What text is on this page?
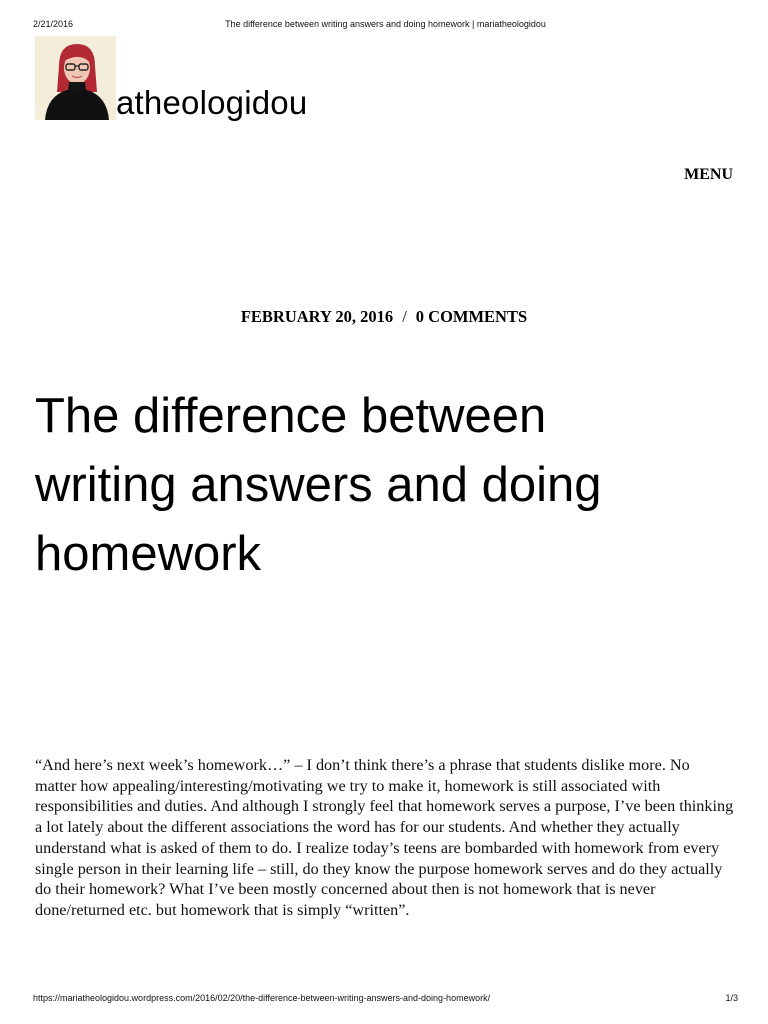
2/21/2016	The difference between writing answers and doing homework | mariatheologidou
atheologidou
MENU
FEBRUARY 20, 2016 / 0 COMMENTS
The difference between writing answers and doing homework

“And here’s next week’s homework…” – I don’t think there’s a phrase that students dislike more. No matter how appealing/interesting/motivating we try to make it, homework is still associated with responsibilities and duties. And although I strongly feel that homework serves a purpose, I’ve been thinking a lot lately about the different associations the word has for our students. And whether they actually understand what is asked of them to do. I realize today’s teens are bombarded with homework from every single person in their learning life – still, do they know the purpose homework serves and do they actually do their homework? What I’ve been mostly concerned about then is not homework that is never done/returned etc. but homework that is simply “written”.

https://mariatheologidou.wordpress.com/2016/02/20/the-difference-between-writing-answers-and-doing-homework/	1/3
